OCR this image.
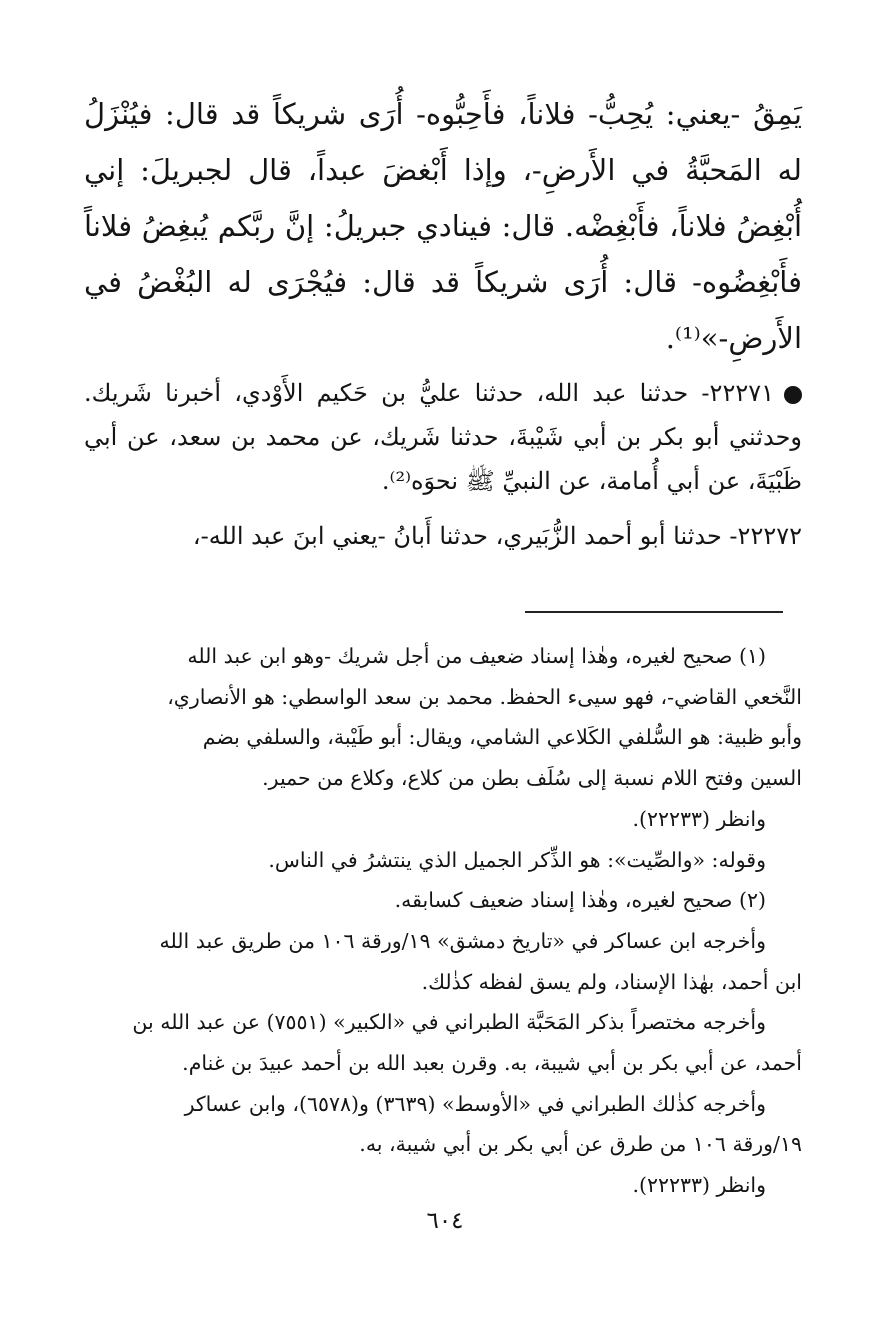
يَمِقُ -يعني: يُحِبُّ- فلاناً، فأَحِبُّوه- أُرَى شريكاً قد قال: فيُنْزَلُ له المَحبَّةُ في الأَرضِ-، وإذا أَبْغضَ عبداً، قال لجبريلَ: إني أُبْغِضُ فلاناً، فأَبْغِضْه. قال: فينادي جبريلُ: إنَّ ربَّكم يُبغِضُ فلاناً فأَبْغِضُوه- قال: أُرَى شريكاً قد قال: فيُجْرَى له البُغْضُ في الأَرضِ-»⁽¹⁾.
٢٢٢٧١- حدثنا عبد الله، حدثنا عليُّ بن حَكيم الأَوْدي، أخبرنا شَريك. وحدثني أبو بكر بن أبي شَيْبةَ، حدثنا شَريك، عن محمد بن سعد، عن أبي ظَبْيَةَ، عن أبي أُمامة، عن النبيِّ ﷺ نحوَه⁽²⁾.
٢٢٢٧٢- حدثنا أبو أحمد الزُّبَيري، حدثنا أَبانُ -يعني ابنَ عبد الله-،

(١) صحيح لغيره، وهٰذا إسناد ضعيف من أجل شريك -وهو ابن عبد الله

النَّخعي القاضي-، فهو سيىء الحفظ. محمد بن سعد الواسطي: هو الأنصاري،

وأبو ظبية: هو السُّلفي الكَلاعي الشامي، ويقال: أبو طَيْبة، والسلفي بضم

السين وفتح اللام نسبة إلى سُلَف بطن من كلاع، وكلاع من حمير.

وانظر (٢٢٢٣٣).

وقوله: «والصِّيت»: هو الذِّكر الجميل الذي ينتشرُ في الناس.

(٢) صحيح لغيره، وهٰذا إسناد ضعيف كسابقه.

وأخرجه ابن عساكر في «تاريخ دمشق» ١٩/ورقة ١٠٦ من طريق عبد الله

ابن أحمد، بهٰذا الإسناد، ولم يسق لفظه كذٰلك.

وأخرجه مختصراً بذكر المَحَبَّة الطبراني في «الكبير» (٧٥٥١) عن عبد الله بن

أحمد، عن أبي بكر بن أبي شيبة، به. وقرن بعبد الله بن أحمد عبيدَ بن غنام.

وأخرجه كذٰلك الطبراني في «الأوسط» (٣٦٣٩) و(٦٥٧٨)، وابن عساكر

١٩/ورقة ١٠٦ من طرق عن أبي بكر بن أبي شيبة، به.

وانظر (٢٢٢٣٣).

٦٠٤
